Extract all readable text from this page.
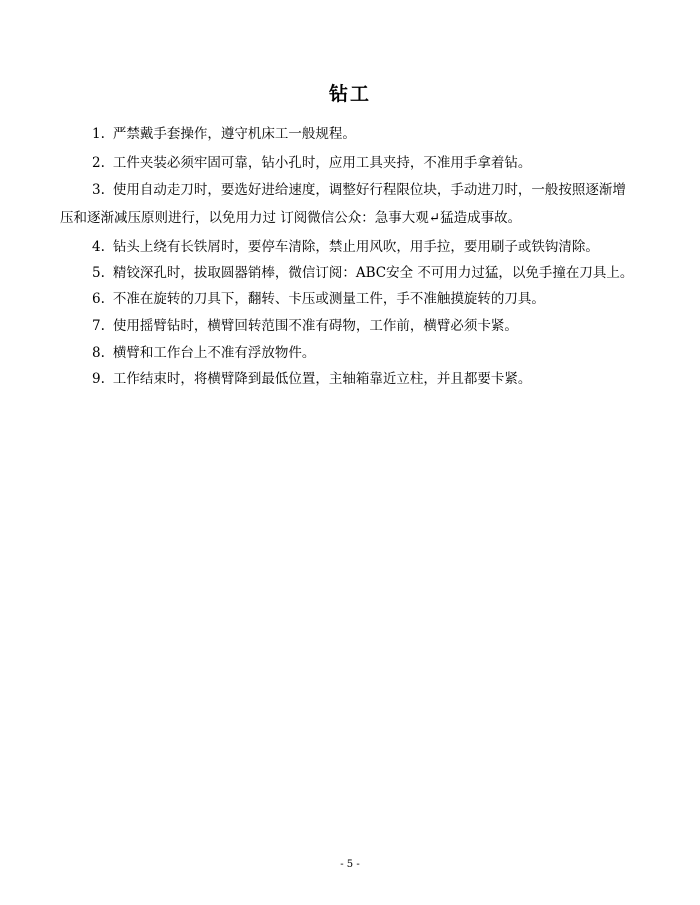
钻工
1. 严禁戴手套操作，遵守机床工一般规程。
2. 工件夹装必须牢固可靠，钻小孔时，应用工具夹持，不准用手拿着钻。
3. 使用自动走刀时，要选好进给速度，调整好行程限位块，手动进刀时，一般按照逐渐增
压和逐渐减压原则进行，以免用力过 订阅微信公众：急事大观↵猛造成事故。
4. 钻头上绕有长铁屑时，要停车清除，禁止用风吹，用手拉，要用刷子或铁钩清除。
5. 精铰深孔时，拔取圆器销棒，微信订阅：ABC安全 不可用力过猛，以免手撞在刀具上。
6. 不准在旋转的刀具下，翻转、卡压或测量工件，手不准触摸旋转的刀具。
7. 使用摇臂钻时，横臂回转范围不准有碍物，工作前，横臂必须卡紧。
8. 横臂和工作台上不准有浮放物件。
9. 工作结束时，将横臂降到最低位置，主轴箱靠近立柱，并且都要卡紧。
- 5 -
